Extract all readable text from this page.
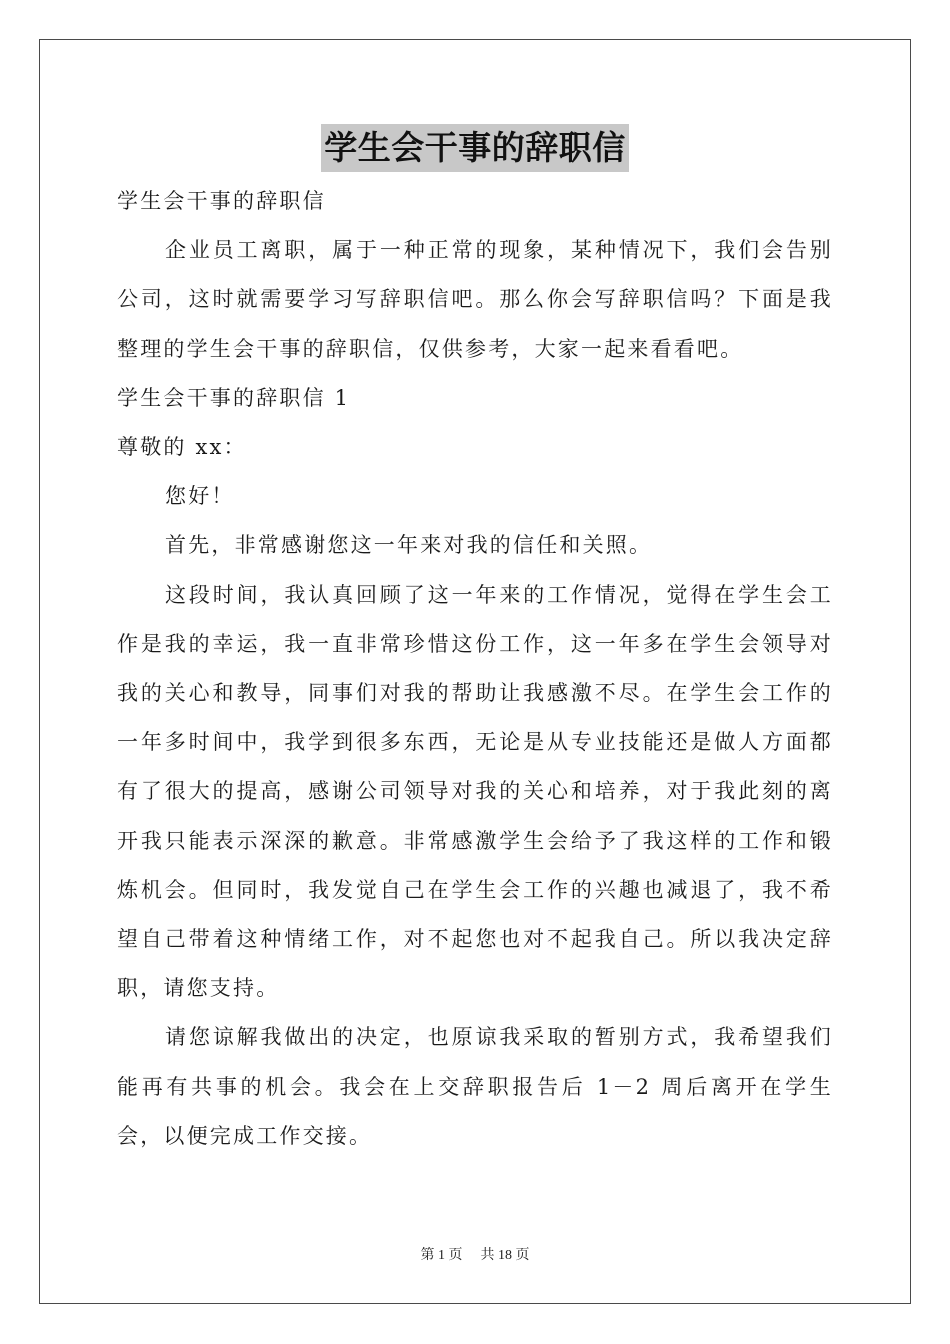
学生会干事的辞职信

学生会干事的辞职信

企业员工离职，属于一种正常的现象，某种情况下，我们会告别公司，这时就需要学习写辞职信吧。那么你会写辞职信吗？下面是我整理的学生会干事的辞职信，仅供参考，大家一起来看看吧。

学生会干事的辞职信 1

尊敬的 xx：

您好！

首先，非常感谢您这一年来对我的信任和关照。

这段时间，我认真回顾了这一年来的工作情况，觉得在学生会工作是我的幸运，我一直非常珍惜这份工作，这一年多在学生会领导对我的关心和教导，同事们对我的帮助让我感激不尽。在学生会工作的一年多时间中，我学到很多东西，无论是从专业技能还是做人方面都有了很大的提高，感谢公司领导对我的关心和培养，对于我此刻的离开我只能表示深深的歉意。非常感激学生会给予了我这样的工作和锻炼机会。但同时，我发觉自己在学生会工作的兴趣也减退了，我不希望自己带着这种情绪工作，对不起您也对不起我自己。所以我决定辞职，请您支持。

请您谅解我做出的决定，也原谅我采取的暂别方式，我希望我们能再有共事的机会。我会在上交辞职报告后 1－2 周后离开在学生会，以便完成工作交接。

第 1 页 共 18 页
